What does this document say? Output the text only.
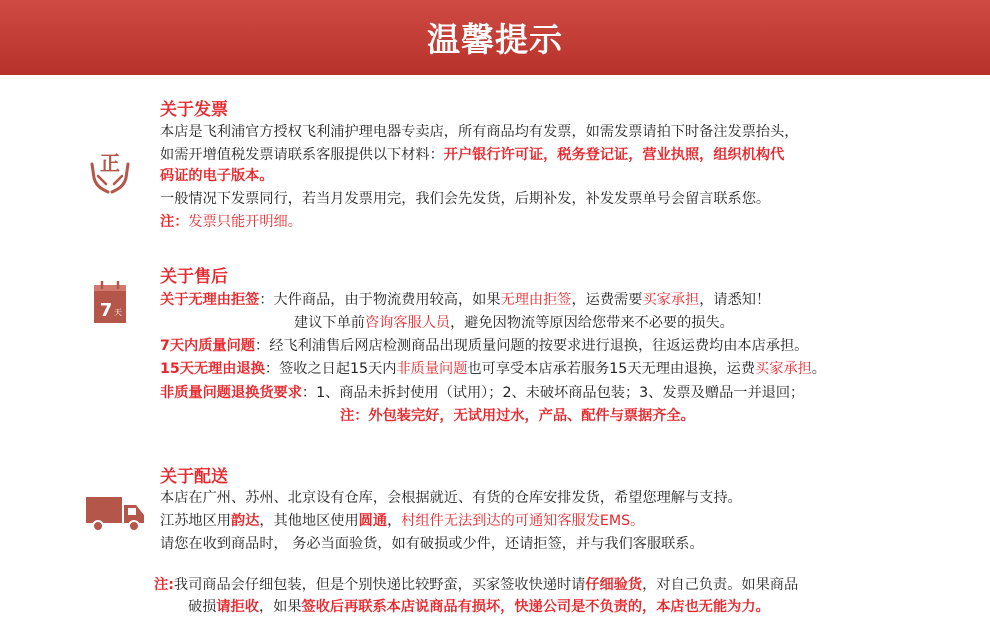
温馨提示
正
关于发票
本店是飞利浦官方授权飞利浦护理电器专卖店，所有商品均有发票，如需发票请拍下时备注发票抬头，
如需开增值税发票请联系客服提供以下材料：开户银行许可证，税务登记证，营业执照，组织机构代
码证的电子版本。
一般情况下发票同行，若当月发票用完，我们会先发货，后期补发，补发发票单号会留言联系您。
注：发票只能开明细。
7 天
关于售后
关于无理由拒签：大件商品，由于物流费用较高，如果无理由拒签，运费需要买家承担，请悉知！
建议下单前咨询客服人员，避免因物流等原因给您带来不必要的损失。
7天内质量问题：经飞利浦售后网店检测商品出现质量问题的按要求进行退换，往返运费均由本店承担。
15天无理由退换：签收之日起15天内非质量问题也可享受本店承若服务15天无理由退换，运费买家承担。
非质量问题退换货要求：1、商品未拆封使用（试用）；2、未破坏商品包装；3、发票及赠品一并退回；
注：外包装完好，无试用过水，产品、配件与票据齐全。
关于配送
本店在广州、苏州、北京设有仓库，会根据就近、有货的仓库安排发货，希望您理解与支持。
江苏地区用韵达，其他地区使用圆通，村组件无法到达的可通知客服发EMS。
请您在收到商品时， 务必当面验货，如有破损或少件，还请拒签，并与我们客服联系。
注:我司商品会仔细包装，但是个别快递比较野蛮，买家签收快递时请仔细验货，对自己负责。如果商品
破损请拒收，如果签收后再联系本店说商品有损坏，快递公司是不负责的，本店也无能为力。
